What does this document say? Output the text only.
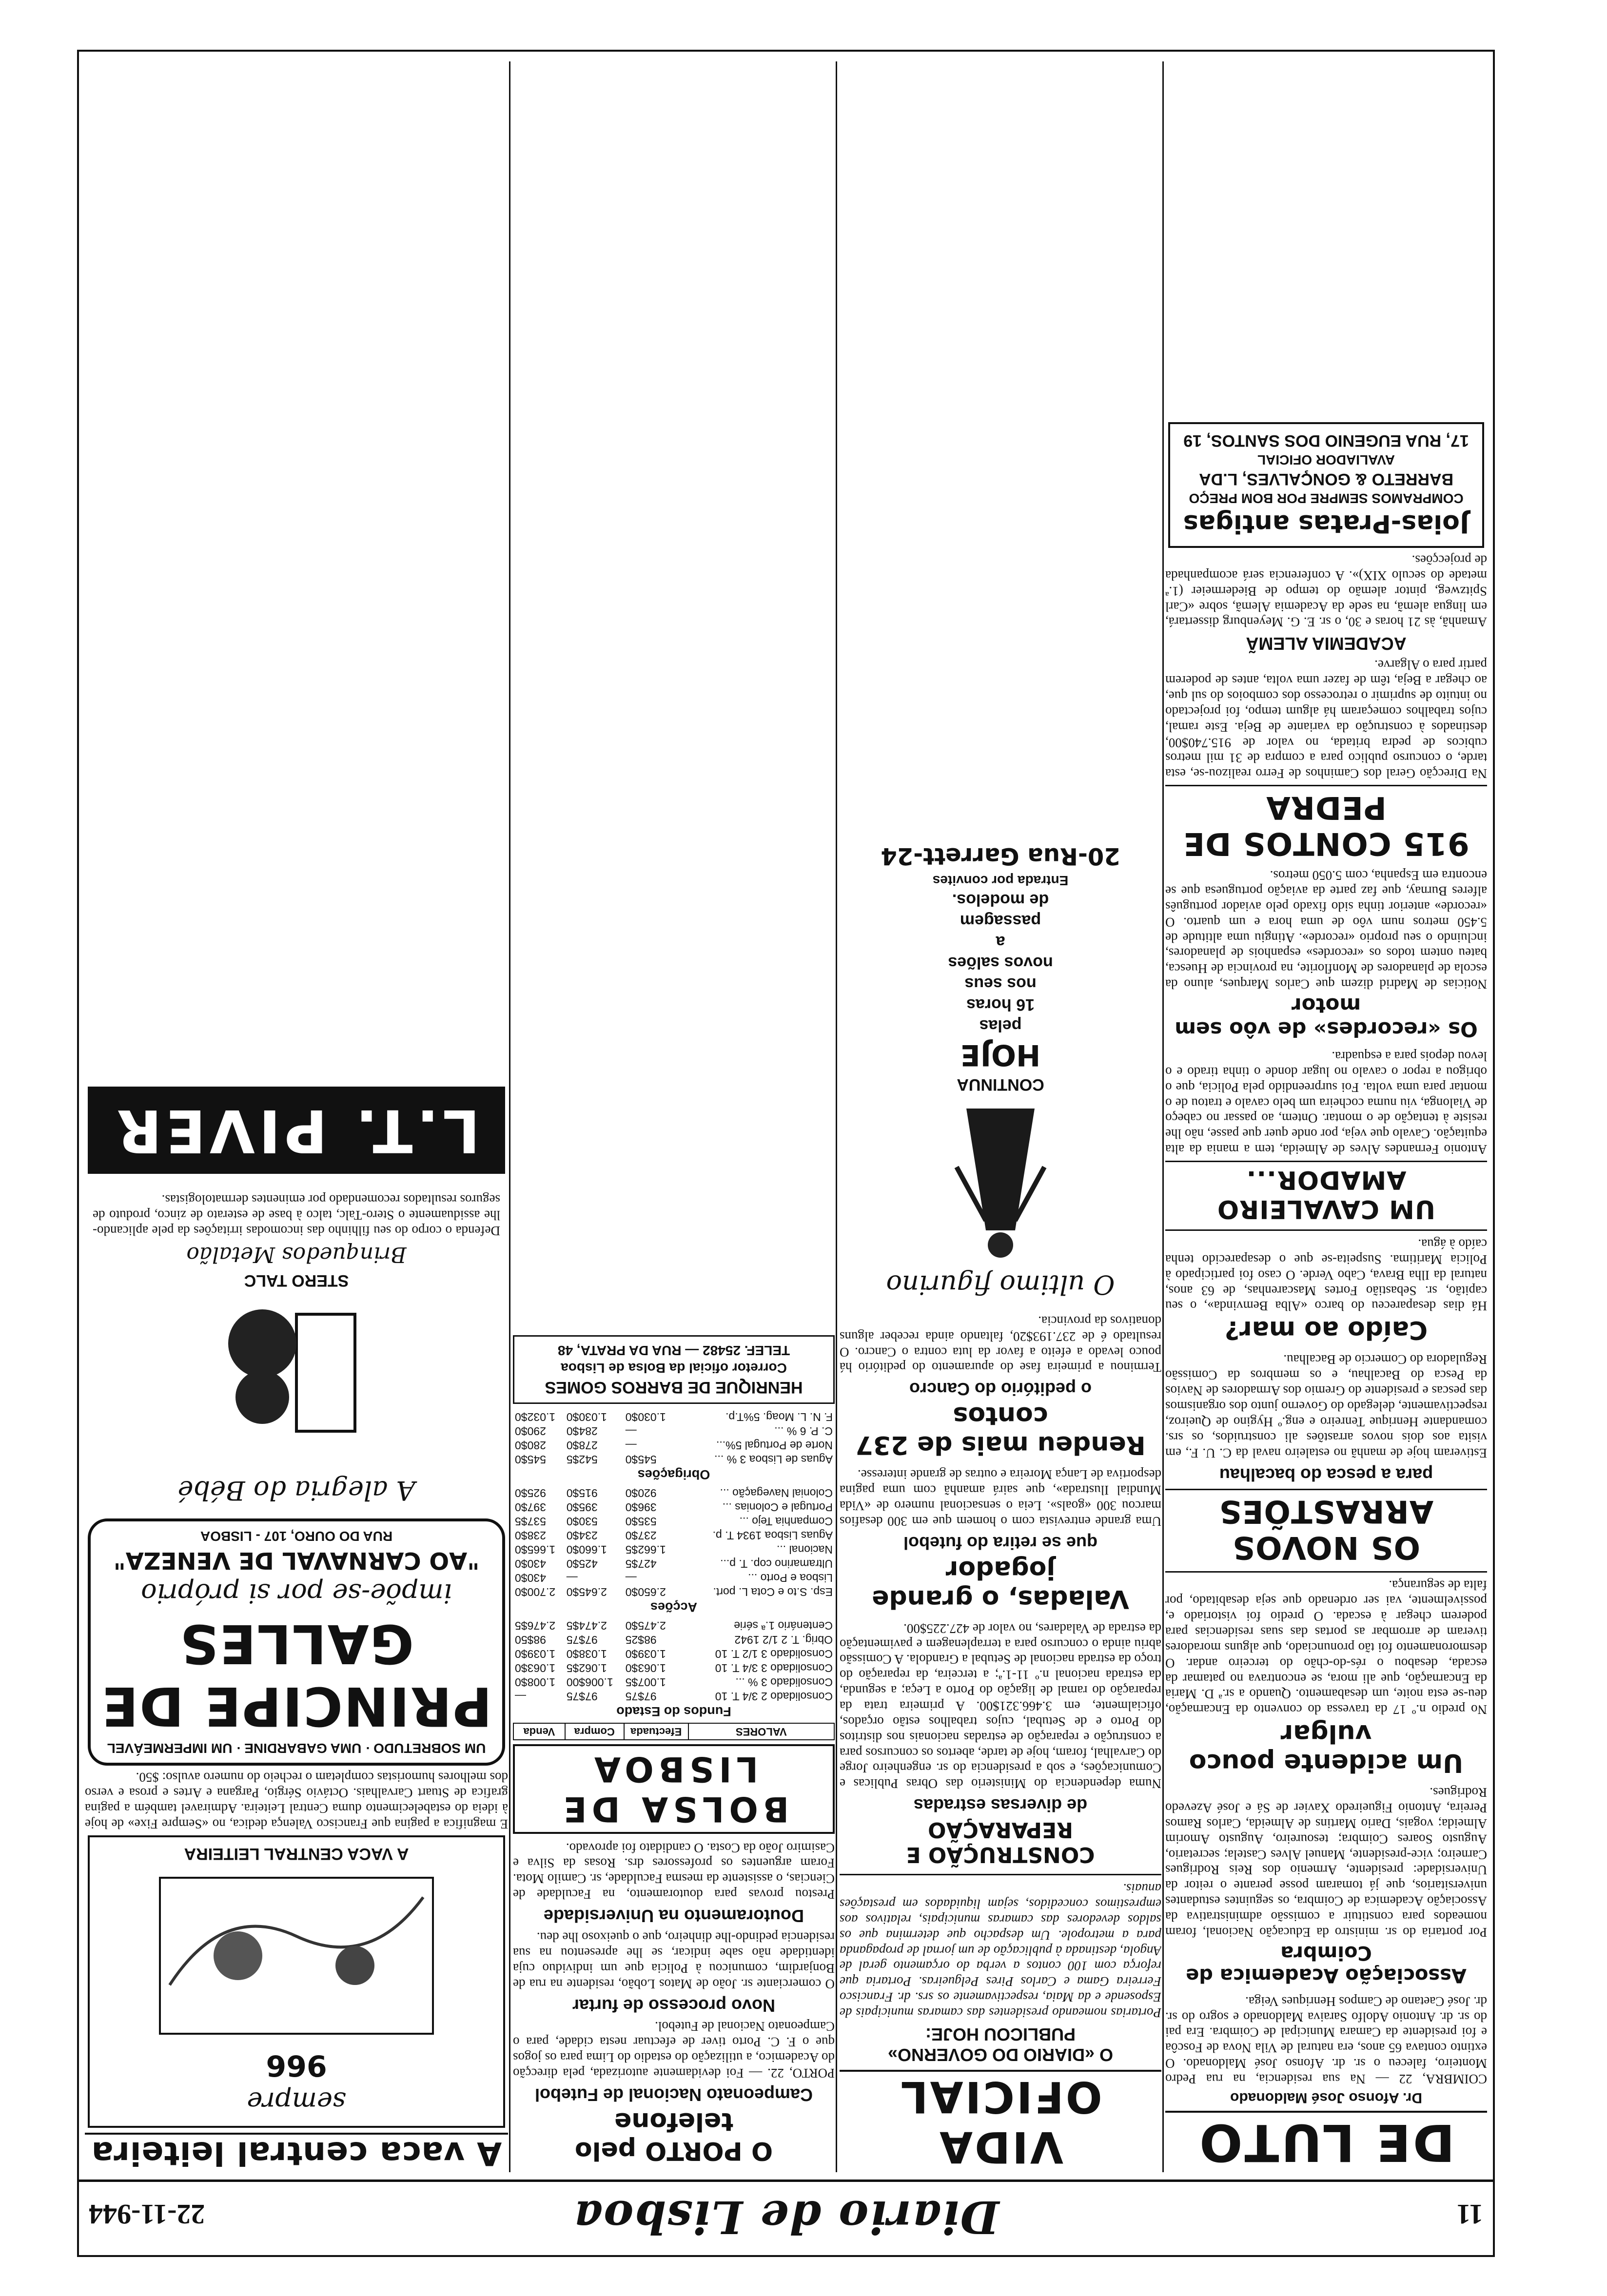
11
Diario de Lisboa
22-11-944
DE LUTO
Dr. Afonso José Maldonado

COIMBRA, 22 — Na sua residencia, na rua Pedro Monteiro, faleceu o sr. dr. Afonso José Maldonado. O extinto contava 65 anos, era natural de Vila Nova de Foscôa e foi presidente da Camara Municipal de Coimbra. Era pai do sr. dr. Antonio Adolfo Saraiva Maldonado e sogro do sr. dr. José Caetano de Campos Henriques Veiga.

Associação Academica de Coimbra

Por portaria do sr. ministro da Educação Nacional, foram nomeados para constituir a comissão administrativa da Associação Academica de Coimbra, os seguintes estudantes universitarios, que já tomaram posse perante o reitor da Universidade: presidente, Armenio dos Reis Rodrigues Carneiro; vice-presidente, Manuel Alves Castela; secretario, Augusto Soares Coimbra; tesoureiro, Augusto Amorim Almeida; vogais, Dario Martins de Almeida, Carlos Ramos Pereira, Antonio Figueiredo Xavier de Sá e José Azevedo Rodrigues.

Um acidente pouco vulgar

No predio n.º 17 da travessa do convento da Encarnação, deu-se esta noite, um desabamento. Quando a sr.ª D. Maria da Encarnação, que ali mora, se encontrava no patamar da escada, desabou o rés-do-chão do terceiro andar. O desmoronamento foi tão pronunciado, que alguns moradores tiveram de arrombar as portas das suas residencias para poderem chegar à escada. O predio foi vistoriado e, possivelmente, vai ser ordenado que seja desabitado, por falta de segurança.

OS NOVOS ARRASTÕES
para a pesca do bacalhau

Estiveram hoje de manhã no estaleiro naval da C. U. F., em visita aos dois novos arrastões ali construidos, os srs. comandante Henrique Tenreiro e eng.º Hygino de Queiroz, respectivamente, delegado do Governo junto dos organismos das pescas e presidente do Gremio dos Armadores de Navios da Pesca do Bacalhau, e os membros da Comissão Reguladora do Comercio de Bacalhau.

Caído ao mar?

Há dias desapareceu do barco «Alba Bemvinda», o seu capitão, sr. Sebastião Fortes Mascarenhas, de 63 anos, natural da Ilha Brava, Cabo Verde. O caso foi participado à Policia Maritima. Suspeita-se que o desaparecido tenha caído à água.

UM CAVALEIRO AMADOR...

Antonio Fernandes Alves de Almeida, tem a mania da alta equitação. Cavalo que veja, por onde quer que passe, não lhe resiste à tentação de o montar. Ontem, ao passar no cabeço de Vialonga, viu numa cocheira um belo cavalo e tratou de o montar para uma volta. Foi surpreendido pela Policia, que o obrigou a repor o cavalo no lugar donde o tinha tirado e o levou depois para a esquadra.

Os «recordes» de vôo sem motor

Noticias de Madrid dizem que Carlos Marques, aluno da escola de planadores de Monflorite, na provincia de Huesca, bateu ontem todos os «recordes» espanhois de planadores, incluindo o seu proprio «recorde». Atingiu uma altitude de 5.450 metros num vôo de uma hora e um quarto. O «recorde» anterior tinha sido fixado pelo aviador português alferes Burnay, que faz parte da aviação portuguesa que se encontra em Espanha, com 5.050 metros.

915 CONTOS DE PEDRA

Na Direcção Geral dos Caminhos de Ferro realizou-se, esta tarde, o concurso publico para a compra de 31 mil metros cubicos de pedra britada, no valor de 915.740$00, destinados à construção da variante de Beja. Este ramal, cujos trabalhos começaram há algum tempo, foi projectado no intuito de suprimir o retrocesso dos comboios do sul que, ao chegar a Beja, têm de fazer uma volta, antes de poderem partir para o Algarve.

ACADEMIA ALEMÃ

Amanhã, às 21 horas e 30, o sr. E. G. Meyenburg dissertará, em lingua alemã, na sede da Academia Alemã, sobre «Carl Spitzweg, pintor alemão do tempo de Biedermeier (1.ª metade do seculo XIX)». A conferencia será acompanhada de projecções.

Joias-Pratas antigas
COMPRAMOS SEMPRE POR BOM PREÇO
BARRETO & GONÇALVES, L.DA
AVALIADOR OFICIAL
17, RUA EUGENIO DOS SANTOS, 19
VIDA OFICIAL
O «DIARIO DO GOVERNO» PUBLICOU HOJE:

Portarias nomeando presidentes das camaras municipais de Esposende e da Maia, respectivamente os srs. dr. Francisco Ferreira Gama e Carlos Pires Pelgueiras. Portaria que reforça com 100 contos a verba do orçamento geral de Angola, destinada à publicação de um jornal de propaganda para a metropole. Um despacho que determina que os saldos devedores das camaras municipais, relativos aos emprestimos concedidos, sejam liquidados em prestações anuais.

CONSTRUÇÃO E REPARAÇÃO
de diversas estradas

Numa dependencia do Ministerio das Obras Publicas e Comunicações, e sob a presidencia do sr. engenheiro Jorge do Carvalhal, foram, hoje de tarde, abertos os concursos para a construção e reparação de estradas nacionais nos distritos do Porto e de Setubal, cujos trabalhos estão orçados, oficialmente, em 3.466.321$00. A primeira trata da reparação do ramal de ligação do Porto a Leça; a segunda, da estrada nacional n.º 11-1.ª; a terceira, da reparação do troço da estrada nacional de Setubal a Grandola. A Comissão abriu ainda o concurso para a terraplenagem e pavimentação da estrada de Valadares, no valor de 427.225$00.

Valadas, o grande jogador
que se retira do futebol

Uma grande entrevista com o homem que em 300 desafios marcou 300 «goals». Leia o sensacional numero de «Vida Mundial Ilustrada», que sairá amanhã com uma pagina desportiva de Lança Moreira e outras de grande interesse.

Rendeu mais de 237 contos
o peditório do Cancro

Terminou a primeira fase do apuramento do peditório há pouco levado a efeito a favor da luta contra o Cancro. O resultado é de 237.193$20, faltando ainda receber alguns donativos da provincia.

O ultimo figurino
CONTINUA
HOJE
pelas
16 horas
nos seus
novos salões
a
passagem
de modelos.
Entrada por convites
20-Rua Garrett-24
O PORTO pelo telefone
Campeonato Nacional de Futebol

PORTO, 22. — Foi devidamente autorizada, pela direcção do Academico, a utilização do estadio do Lima para os jogos que o F. C. Porto tiver de efectuar nesta cidade, para o Campeonato Nacional de Futebol.

Novo processo de furtar

O comerciante sr. João de Matos Lobão, residente na rua de Bonjardim, comunicou à Policia que um individuo cuja identidade não sabe indicar, se lhe apresentou na sua residencia pedindo-lhe dinheiro, que o queixoso lhe deu.

Doutoramento na Universidade

Prestou provas para doutoramento, na Faculdade de Ciencias, o assistente da mesma Faculdade, sr. Camilo Mota. Foram arguentes os professores drs. Rosas da Silva e Casimiro João da Costa. O candidato foi aprovado.

BOLSA DE LISBOA
VALORES	Efectuada	Compra	Venda
Fundos do Estado			
Consolidado 2 3/4 T. 10	97$75	97$75	—
Consolidado 3 % ...	1.007$5	1.006$00	1.008$0
Consolidado 3 3/4 T. 10	1.063$0	1.062$5	1.063$0
Consolidado 3 1/2 T. 10	1.039$0	1.038$0	1.039$0
Obrig. T. 2 1/2 1942	98$25	97$75	98$50
Centenário 1.ª série	2.475$0	2.474$5	2.476$5
Acções			
Esp. S.to e Cota L. port.	2.650$0	2.645$0	2.700$0
Lisboa e Porto ...	—	—	430$0
Ultramarino cop. T. p...	427$5	425$0	430$0
Nacional ...	1.662$5	1.660$0	1.665$0
Aguas Lisboa 1934 T. p.	237$0	234$0	238$0
Companhia Tejo ...	535$0	530$0	537$5
Portugal e Colonias ...	396$0	395$0	397$0
Colonial Navegação ...	920$0	915$0	925$0
Obrigações			
Aguas de Lisboa 3 % ...	545$0	542$5	545$0
Norte de Portugal 5%...	—	278$0	280$0
C. P. 6 % ...	—	284$0	290$0
F. N. L. Moag. 5%T.p.	1.030$0	1.030$0	1.032$0
HENRIQUE DE BARROS GOMES
Corretor oficial da Bolsa de Lisboa
TELEF. 25482 — RUA DA PRATA, 48
A vaca central leiteira
sempre
966
A VACA CENTRAL LEITEIRA

E magnifica a pagina que Francisco Valença dedica, no «Sempre Fixe» de hoje à ideia do estabelecimento duma Central Leiteira. Admiravel também a pagina grafica de Stuart Carvalhais. Octávio Sérgio, Pargana e Artes e prosa e verso dos melhores humoristas completam o recheio do numero avulso: $50.

UM SOBRETUDO · UMA GABARDINE · UM IMPERMEÁVEL
PRINCIPE DE GALLES
impõe-se por si próprio
"AO CARNAVAL DE VENEZA"
RUA DO OURO, 107 - LISBOA
A alegria do Bébé
STERO TALC
Brinquedos Metalão

Defenda o corpo do seu filhinho das incomodas irritações da pele aplicando-lhe assiduamente o Stero-Talc, talco à base de esterato de zinco, produto de seguros resultados recomendado por eminentes dermatologistas.

L.T. PIVER
